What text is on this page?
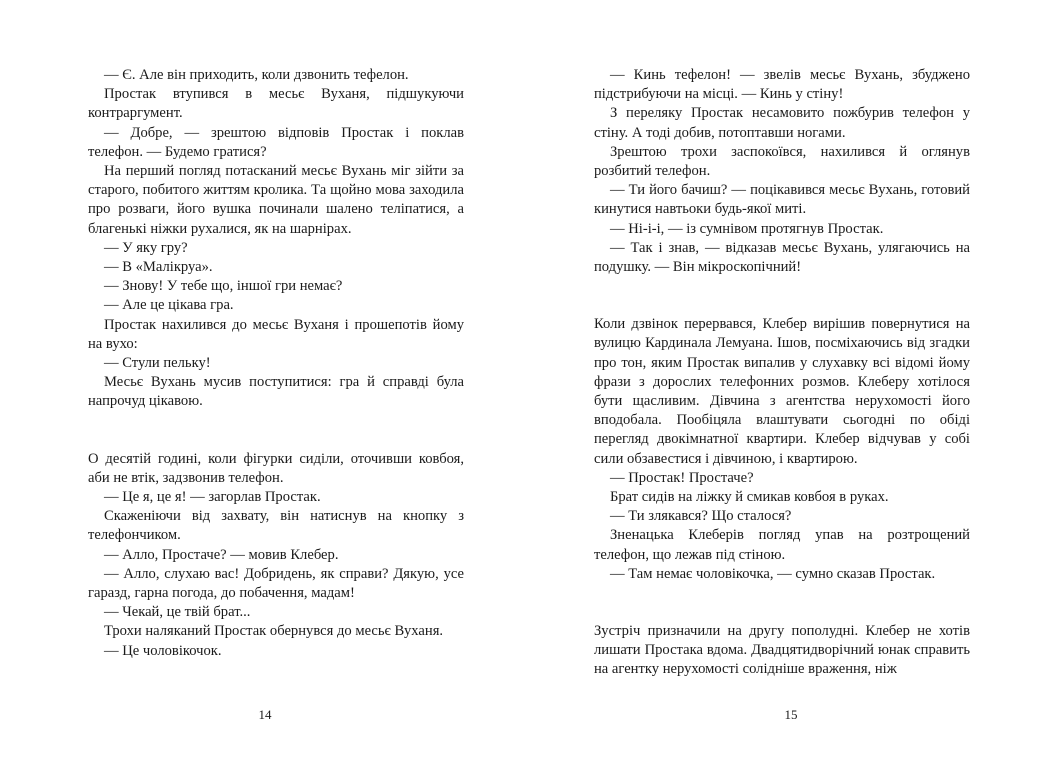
— Є. Але він приходить, коли дзвонить тефелон.

Простак втупився в месьє Вуханя, підшукуючи контраргумент.

— Добре, — зрештою відповів Простак і поклав телефон. — Будемо гратися?

На перший погляд потасканий месьє Вухань міг зійти за старого, побитого життям кролика. Та щойно мова заходила про розваги, його вушка починали шалено теліпатися, а благенькі ніжки рухалися, як на шарнірах.

— У яку гру?

— В «Малікруа».

— Знову! У тебе що, іншої гри немає?

— Але це цікава гра.

Простак нахилився до месьє Вуханя і прошепотів йому на вухо:

— Стули пельку!

Месьє Вухань мусив поступитися: гра й справді була напрочуд цікавою.

О десятій годині, коли фігурки сиділи, оточивши ковбоя, аби не втік, задзвонив телефон.

— Це я, це я! — загорлав Простак.

Скаженіючи від захвату, він натиснув на кнопку з телефончиком.

— Алло, Простаче? — мовив Клебер.

— Алло, слухаю вас! Добридень, як справи? Дякую, усе гаразд, гарна погода, до побачення, мадам!

— Чекай, це твій брат...

Трохи наляканий Простак обернувся до месьє Вуханя.

— Це чоловікочок.

— Кинь тефелон! — звелів месьє Вухань, збуджено підстрибуючи на місці. — Кинь у стіну!

З переляку Простак несамовито пожбурив телефон у стіну. А тоді добив, потоптавши ногами.

Зрештою трохи заспокоївся, нахилився й оглянув розбитий телефон.

— Ти його бачиш? — поцікавився месьє Вухань, готовий кинутися навтьоки будь-якої миті.

— Ні-і-і, — із сумнівом протягнув Простак.

— Так і знав, — відказав месьє Вухань, улягаючись на подушку. — Він мікроскопічний!

Коли дзвінок перервався, Клебер вирішив повернутися на вулицю Кардинала Лемуана. Ішов, посміхаючись від згадки про тон, яким Простак випалив у слухавку всі відомі йому фрази з дорослих телефонних розмов. Клеберу хотілося бути щасливим. Дівчина з агентства нерухомості його вподобала. Пообіцяла влаштувати сьогодні по обіді перегляд двокімнатної квартири. Клебер відчував у собі сили обзавестися і дівчиною, і квартирою.

— Простак! Простаче?

Брат сидів на ліжку й смикав ковбоя в руках.

— Ти злякався? Що сталося?

Зненацька Клеберів погляд упав на розтрощений телефон, що лежав під стіною.

— Там немає чоловікочка, — сумно сказав Простак.

Зустріч призначили на другу пополудні. Клебер не хотів лишати Простака вдома. Двадцятидворічний юнак справить на агентку нерухомості солідніше враження, ніж

14	15
